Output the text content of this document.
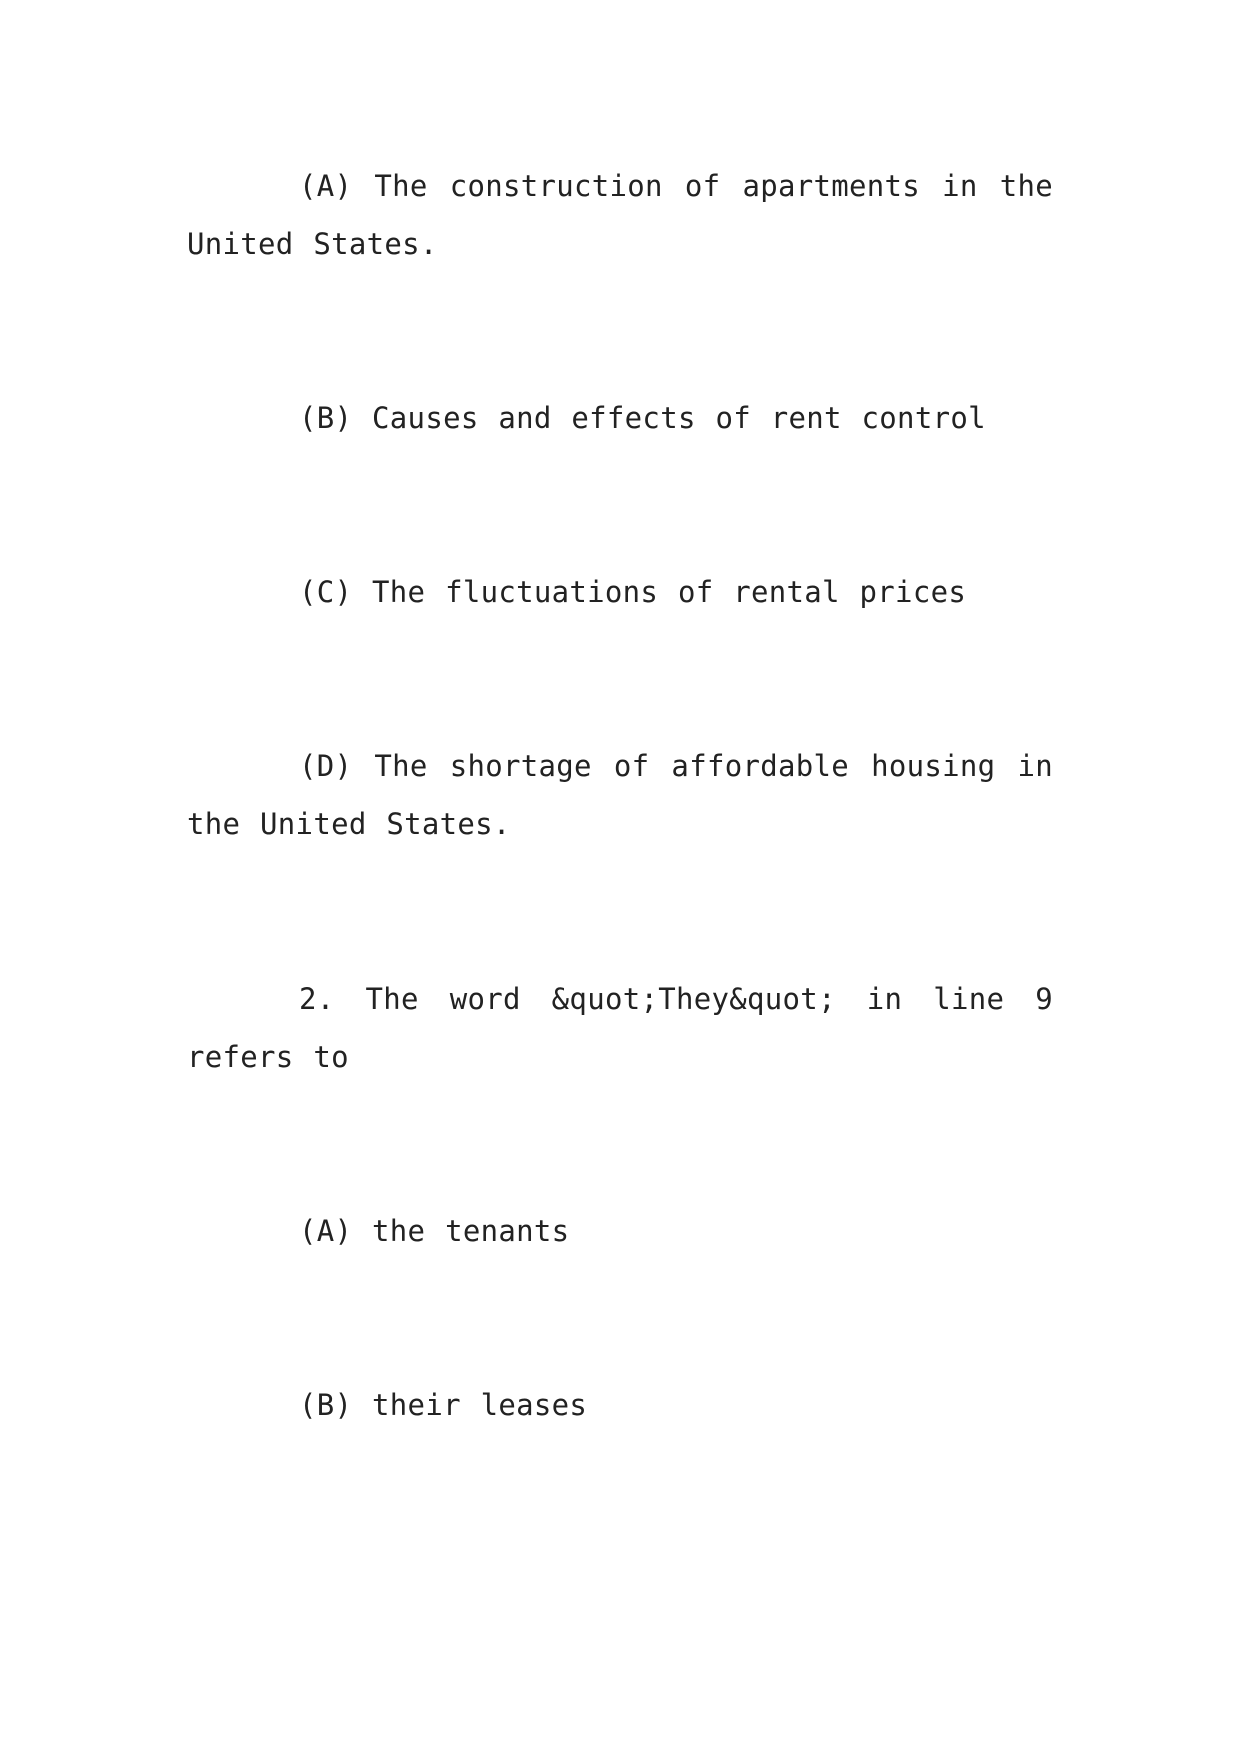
(A) The construction of apartments in the United States.

(B) Causes and effects of rent control

(C) The fluctuations of rental prices

(D) The shortage of affordable housing in the United States.

2. The word &quot;They&quot; in line 9 refers to

(A) the tenants

(B) their leases
